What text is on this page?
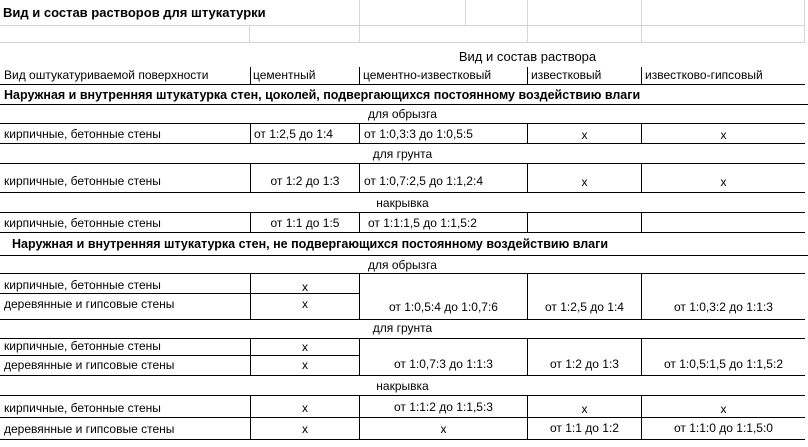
Вид и состав растворов для штукатурки
Вид и состав раствора
Вид оштукатуриваемой поверхности	цементный	цементно-известковый	известковый	известково-гипсовый
Наружная и внутренняя штукатурка стен, цоколей, подвергающихся постоянному воздействию влаги
для обрызга
кирпичные, бетонные стены	от 1:2,5 до 1:4	от 1:0,3:3 до 1:0,5:5	х	х
для грунта
кирпичные, бетонные стены	от 1:2 до 1:3	от 1:0,7:2,5 до 1:1,2:4	х	х
накрывка
кирпичные, бетонные стены	от 1:1 до 1:5	от 1:1:1,5 до 1:1,5:2
Наружная и внутренняя штукатурка стен, не подвергающихся постоянному воздействию влаги
для обрызга
кирпичные, бетонные стены	х
деревянные и гипсовые стены	х	от 1:0,5:4 до 1:0,7:6	от 1:2,5 до 1:4	от 1:0,3:2 до 1:1:3
для грунта
кирпичные, бетонные стены	х
деревянные и гипсовые стены	х	от 1:0,7:3 до 1:1:3	от 1:2 до 1:3	от 1:0,5:1,5 до 1:1,5:2
накрывка
кирпичные, бетонные стены	х	от 1:1:2 до 1:1,5:3	х	х
деревянные и гипсовые стены	х	х	от 1:1 до 1:2	от 1:1:0 до 1:1,5:0
